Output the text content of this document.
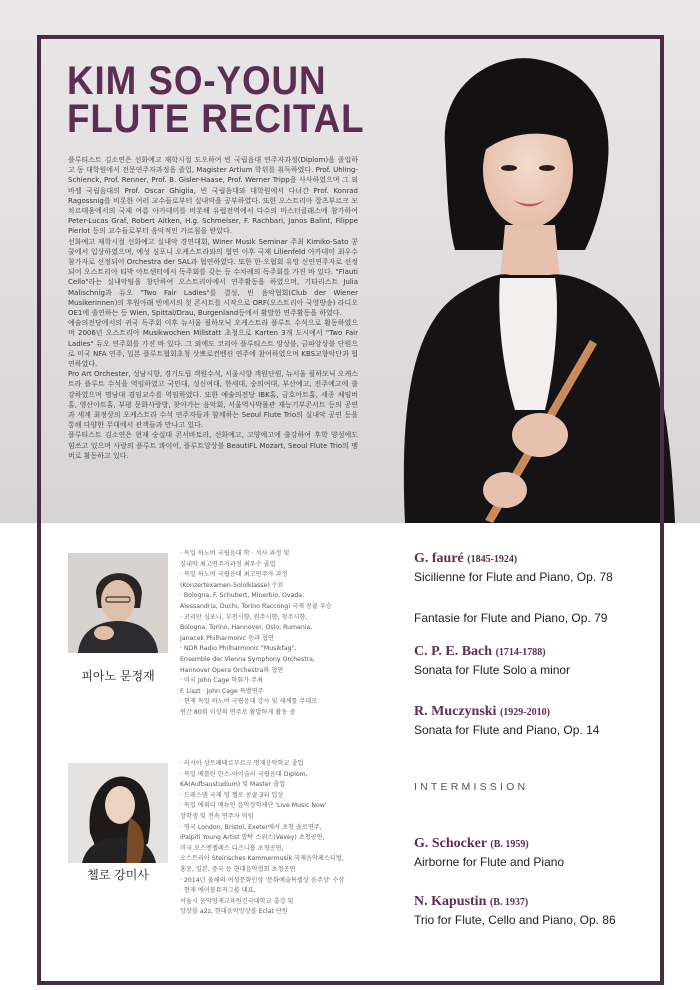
KIM SO-YOUN
FLUTE RECITAL

플루티스트 김소연은 선화예고 재학시절 도오하여 빈 국립음대 연주자과정(Diplom)을 졸업하고 동 대학원에서 전문연주자과정을 졸업, Magister Artium 학위를 취득하였다. Prof. Uhling-Schienck, Prof. Renner, Prof. B. Gisler-Haase, Prof. Werner Tripp을 사사하였으며 그 외 바젤 국립음대의 Prof. Oscar Ghiglia, 빈 국립음대와 대학원에서 다녀간 Prof. Konrad Ragossnig를 비롯한 여러 교수들로부터 실내악을 공부하였다. 또한 오스트리아 잘츠부르크 모차르테움에서의 국제 여름 아카데미를 비롯해 유럽전역에서 다수의 마스터클래스에 참가하여 Peter-Lucas Graf, Robert Aitken, H.g. Schmeiser, F. Rachbari, Janos Balint, Filippe Pierlot 등의 교수들로부터 음악적인 가르침을 받았다.

선화예고 재학시절 선화예고 실내악 경연대회, Winer Musik Seminar 주최 Kimiko-Sato 콩쿨에서 입상하였으며, 예성 심포니 오케스트라와의 협연 이후 국제 Lilienfeld 아카데미 최우수 참가자로 선정되어 Orchestra der SAL과 협연하였다. 또한 한·오협회 유망 신인연주자로 선정되어 오스트리아 티박 아트센터에서 독주회를 갖는 등 수차례의 독주회를 가진 바 있다. "Flauti Cello"라는 실내악팀을 창단하여 오스트리아에서 연주활동을 하였으며, 기타리스트 Julia Malischnig과 듀오 "Two Fair Ladies"를 결성, 빈 음악협회(Club der Wiener Musikerinnen)의 후원아래 빈에서의 첫 콘서트를 시작으로 ORF(오스트리아 국영방송) 라디오 OE1에 출연하는 등 Wien, Spittal/Drau, Burgenland등에서 활발한 연주활동을 하였다.

예술의전당에서의 귀국 독주회 이후 뉴서울 필하모닉 오케스트라 플루트 수석으로 활동하였으며 2006년 오스트리아 Musikwochen Millstatt 초청으로 Karten 3개 도시에서 "Two Fair Ladies" 듀오 연주회를 가진 바 있다. 그 외에도 코리아 플루티스트 앙상블, 금파앙상블 단원으로 미국 NFA 연주, 일본 플루트협회초청 삿뽀로컨벤션 연주에 참여하였으며 KBS교향악단과 협연하였다.

Pro Art Orchester, 성남시향, 경기도립 객원수석, 서울시향 객원단원, 뉴서울 필하모닉 오케스트라 플루트 수석을 역임하였고 국민대, 성신여대, 한세대, 숭의여대, 부산예고, 전주예고에 출강하였으며 명남대 겸임교수를 역임하였다. 또한 예술의전당 IBK홀, 금호아트홀, 세종 체임버홀, 영산아트홀, 부평 문화사랑방, 찾아가는 음악회, 서울역사박물관 재능기부콘서트 등의 공연과 세계 최정상의 오케스트라 수석 연주자들과 함께하는 Seoul Flute Trio의 실내악 공연 등을 통해 다양한 무대에서 관객들과 만나고 있다.

플루티스트 김소연은 현재 숭실대 콘서바토리, 선화예고, 고양예고에 출강하여 후학 양성에도 힘쓰고 있으며 사랑의 플루트 콰이어, 플루트앙상블 BeautiFL Mozart, Seoul Flute Trio의 멤버로 활동하고 있다.

피아노 문정재
· 독일 하노버 국립음대 학 · 석사 과정 및
실내악 최고연주자과정 최우수 졸업
· 독일 하노버 국립음대 최고연주자 과정
(Konzertexamen-Sololklasse) 수료
· Bologna, F. Schubert, Minerbio, Ovada,
Alessandria, Duchi, Torino Raccongi 국제 콩쿨 우승
· 코리안 심포니, 부천시향, 원주시향, 청주시향,
Bologna, Torino, Hannover, Oslo, Rumania,
Janacek Philharmonic 등과 협연
· NDR Radio Philharmonic "Musikfag",
Ensemble der Vienna Symphony Orchestra,
Hannover Opera Orchestra와 협연
· 미국 John Cage 학회가 주최
F. Liszt · John Cage 특별연주
· 현재 독일 하노버 국립음대 강사 및 세계를 무대로
연간 80회 이상의 연주로 활발하게 활동 중
첼로 강미사
· 러시아 상트페테르부르크 명재음악학교 졸업
· 독일 베를린 한스-아이슬러 국립음대 Diplom,
KA(Aufbaustudium) 및 Master 졸업
· 드레스덴 국제 영 첼로 콩쿨 3위 입상
· 독일 에휘디 메뉴인 음악장학재단 'Live Music Now'
장학생 및 전속 연주자 역임
· 영국 London, Bristol, Exeter에서 초청 솔로연주,
iPalpiti Young Artist 발탁 스위스(Vevey) 초청공연,
미국 로스엔젤레스 디즈니홀 초청공연,
오스트리아 Steirisches Kammermusik 국제음악페스티벌,
홍콩, 일본, 중국 등 현대음악협회 초청공연
· 2014년 올해의 여성문화인상 '문화예술특별상 음주상' 수상
· 현재 에이블뮤직그룹 대표,
서울시 음악영재교육원건국대학교 출강 및
앙상블 a2z, 현대음악앙상블 Eclat 단원
G. fauré (1845-1924)
Sicilienne for Flute and Piano, Op. 78
Fantasie for Flute and Piano, Op. 79
C. P. E. Bach (1714-1788)
Sonata for Flute Solo a minor
R. Muczynski (1929-2010)
Sonata for Flute and Piano, Op. 14
INTERMISSION
G. Schocker (B. 1959)
Airborne for Flute and Piano
N. Kapustin (B. 1937)
Trio for Flute, Cello and Piano, Op. 86
